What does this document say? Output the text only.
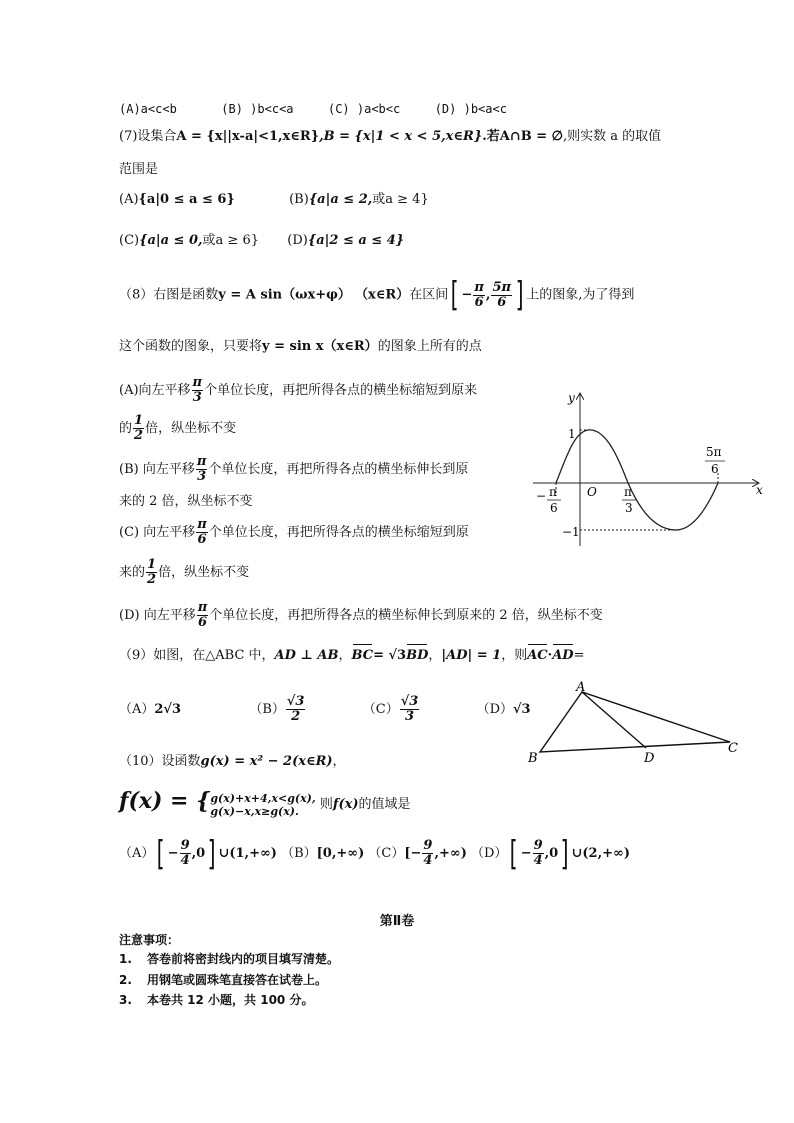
(A)a<c<b	(B) )b<c<a	(C) )a<b<c	(D) )b<a<c
(7)设集合A = {x||x-a|<1,x∈R},B = {x|1 < x < 5,x∈R}.若A∩B = ∅,则实数 a 的取值
范围是
(A){a|0 ≤ a ≤ 6}	(B){a|a ≤ 2,或a ≥ 4}
(C){a|a ≤ 0,或a ≥ 6} (D){a|2 ≤ a ≤ 4}
（8）右图是函数y = A sin（ωx+φ） （x∈R）在区间[ − $\frac{\pi}{6}$ , $\frac{5\pi}{6}$ ] 上的图象,为了得到
这个函数的图象，只要将y = sin x（x∈R）的图象上所有的点
(A)向左平移 $\frac{\pi}{3}$ 个单位长度，再把所得各点的横坐标缩短到原来
的 $\frac{1}{2}$ 倍，纵坐标不变
(B) 向左平移 $\frac{\pi}{3}$ 个单位长度，再把所得各点的横坐标伸长到原
来的 2 倍，纵坐标不变
(C) 向左平移 $\frac{\pi}{6}$ 个单位长度，再把所得各点的横坐标缩短到原
来的 $\frac{1}{2}$ 倍，纵坐标不变
(D) 向左平移 $\frac{\pi}{6}$ 个单位长度，再把所得各点的横坐标伸长到原来的 2 倍，纵坐标不变
y
x
O
1
−1
− π
6
π
3
5π
6
（9）如图，在△ABC 中，AD ⊥ AB，BC= √3BD，|AD| = 1，则AC·AD=
（A）2√3	$(B) \frac{√3}{2}$	$(C) \frac{√3}{3}$	（D）√3
A
B
C
D
（10）设函数g(x) = x² − 2(x∈R)，
f(x) = { g(x)+x+4,x<g(x),
g(x)−x,x≥g(x).	则f(x)的值域是
$(A)[ - \frac{9}{4} ,0]$ ∪(1,+∞) （B）[0,+∞) $(C)[- \frac{9}{4}$ ,+∞) $(D)[ - \frac{9}{4} ,0]$ ∪(2,+∞)
第Ⅱ卷
注意事项：
1. 答卷前将密封线内的项目填写清楚。
2. 用钢笔或圆珠笔直接答在试卷上。
3. 本卷共 12 小题，共 100 分。
